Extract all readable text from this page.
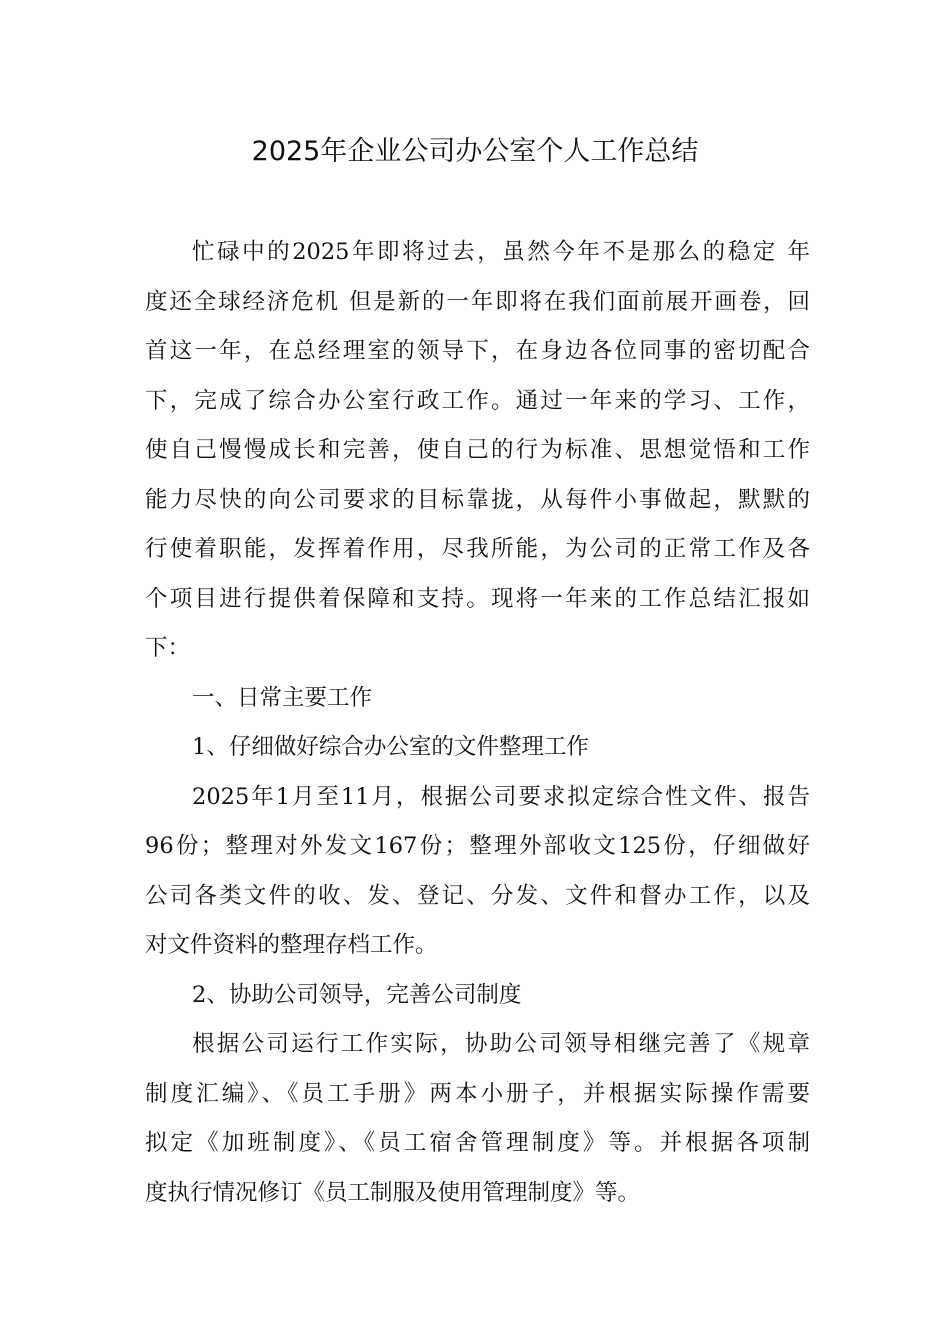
2025年企业公司办公室个人工作总结
忙碌中的2025年即将过去，虽然今年不是那么的稳定 年
度还全球经济危机 但是新的一年即将在我们面前展开画卷，回
首这一年，在总经理室的领导下，在身边各位同事的密切配合
下，完成了综合办公室行政工作。通过一年来的学习、工作，
使自己慢慢成长和完善，使自己的行为标准、思想觉悟和工作
能力尽快的向公司要求的目标靠拢，从每件小事做起，默默的
行使着职能，发挥着作用，尽我所能，为公司的正常工作及各
个项目进行提供着保障和支持。现将一年来的工作总结汇报如
下：
一、日常主要工作
1、仔细做好综合办公室的文件整理工作
2025年1月至11月，根据公司要求拟定综合性文件、报告
96份；整理对外发文167份；整理外部收文125份，仔细做好
公司各类文件的收、发、登记、分发、文件和督办工作，以及
对文件资料的整理存档工作。
2、协助公司领导，完善公司制度
根据公司运行工作实际，协助公司领导相继完善了《规章
制度汇编》、《员工手册》两本小册子，并根据实际操作需要
拟定《加班制度》、《员工宿舍管理制度》等。并根据各项制
度执行情况修订《员工制服及使用管理制度》等。
